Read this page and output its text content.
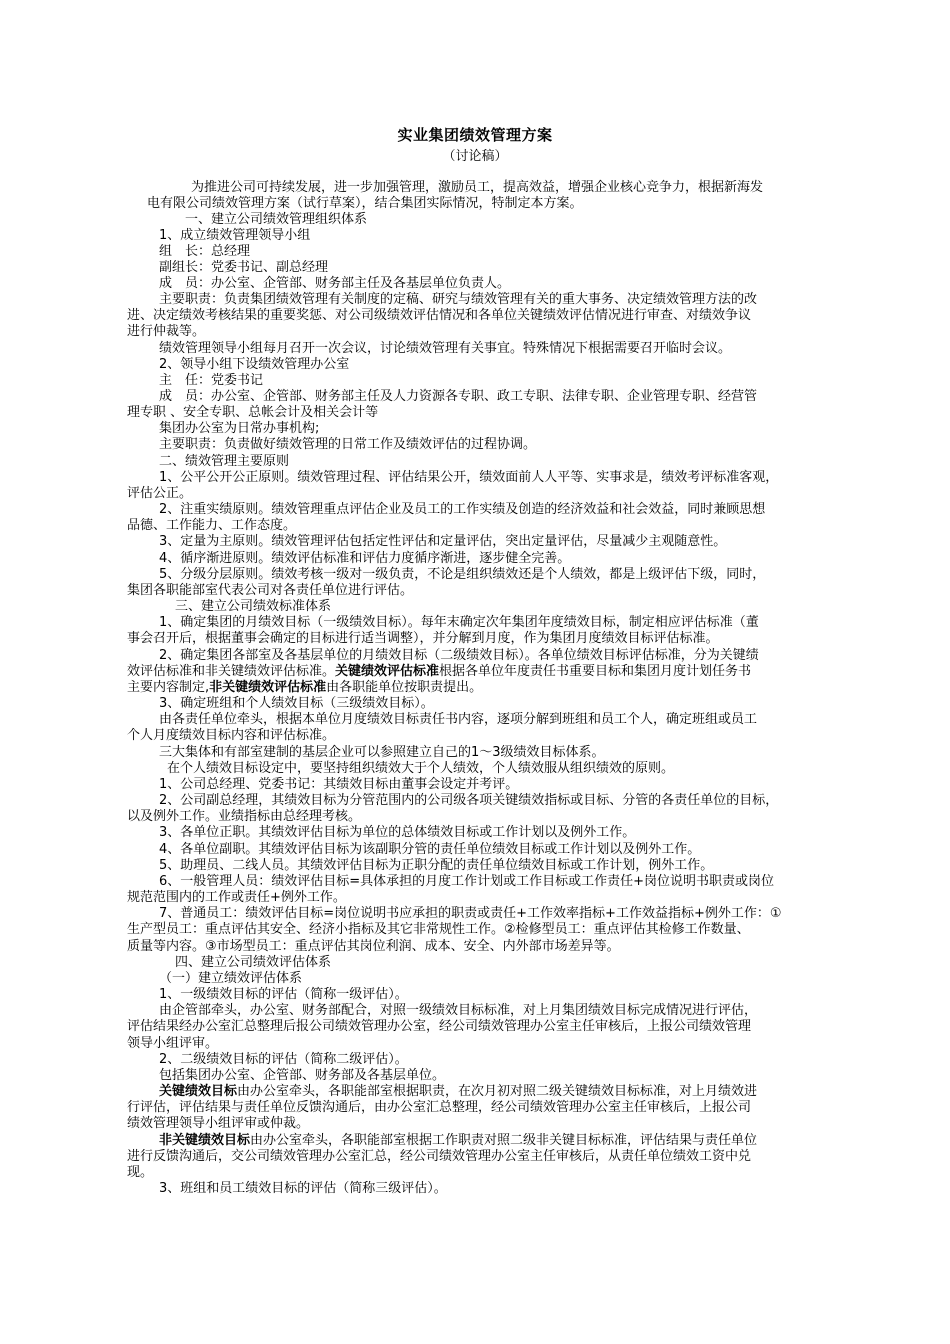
实业集团绩效管理方案
（讨论稿）
为推进公司可持续发展，进一步加强管理，激励员工，提高效益，增强企业核心竞争力，根据新海发
电有限公司绩效管理方案（试行草案），结合集团实际情况，特制定本方案。
一、建立公司绩效管理组织体系
1、成立绩效管理领导小组
组　长：总经理
副组长：党委书记、副总经理
成　员：办公室、企管部、财务部主任及各基层单位负责人。
主要职责：负责集团绩效管理有关制度的定稿、研究与绩效管理有关的重大事务、决定绩效管理方法的改
进、决定绩效考核结果的重要奖惩、对公司级绩效评估情况和各单位关键绩效评估情况进行审查、对绩效争议
进行仲裁等。
绩效管理领导小组每月召开一次会议，讨论绩效管理有关事宜。特殊情况下根据需要召开临时会议。
2、领导小组下设绩效管理办公室
主　任：党委书记
成　员：办公室、企管部、财务部主任及人力资源各专职、政工专职、法律专职、企业管理专职、经营管
理专职 、安全专职、总帐会计及相关会计等
集团办公室为日常办事机构;
主要职责：负责做好绩效管理的日常工作及绩效评估的过程协调。
二、绩效管理主要原则
1、公平公开公正原则。绩效管理过程、评估结果公开，绩效面前人人平等、实事求是，绩效考评标准客观，
评估公正。
2、注重实绩原则。绩效管理重点评估企业及员工的工作实绩及创造的经济效益和社会效益，同时兼顾思想
品德、工作能力、工作态度。
3、定量为主原则。绩效管理评估包括定性评估和定量评估，突出定量评估，尽量减少主观随意性。
4、循序渐进原则。绩效评估标准和评估力度循序渐进，逐步健全完善。
5、分级分层原则。绩效考核一级对一级负责，不论是组织绩效还是个人绩效，都是上级评估下级，同时，
集团各职能部室代表公司对各责任单位进行评估。
三、建立公司绩效标准体系
1、确定集团的月绩效目标（一级绩效目标）。每年末确定次年集团年度绩效目标，制定相应评估标准（董
事会召开后，根据董事会确定的目标进行适当调整），并分解到月度，作为集团月度绩效目标评估标准。
2、确定集团各部室及各基层单位的月绩效目标（二级绩效目标）。各单位绩效目标评估标准，分为关键绩
效评估标准和非关键绩效评估标准。关键绩效评估标准根据各单位年度责任书重要目标和集团月度计划任务书
主要内容制定,非关键绩效评估标准由各职能单位按职责提出。
3、确定班组和个人绩效目标（三级绩效目标）。
由各责任单位牵头，根据本单位月度绩效目标责任书内容，逐项分解到班组和员工个人，确定班组或员工
个人月度绩效目标内容和评估标准。
三大集体和有部室建制的基层企业可以参照建立自己的1～3级绩效目标体系。
在个人绩效目标设定中，要坚持组织绩效大于个人绩效，个人绩效服从组织绩效的原则。
1、公司总经理、党委书记：其绩效目标由董事会设定并考评。
2、公司副总经理，其绩效目标为分管范围内的公司级各项关键绩效指标或目标、分管的各责任单位的目标，
以及例外工作。业绩指标由总经理考核。
3、各单位正职。其绩效评估目标为单位的总体绩效目标或工作计划以及例外工作。
4、各单位副职。其绩效评估目标为该副职分管的责任单位绩效目标或工作计划以及例外工作。
5、助理员、二线人员。其绩效评估目标为正职分配的责任单位绩效目标或工作计划，例外工作。
6、一般管理人员：绩效评估目标=具体承担的月度工作计划或工作目标或工作责任+岗位说明书职责或岗位
规范范围内的工作或责任+例外工作。
7、普通员工：绩效评估目标=岗位说明书应承担的职责或责任+工作效率指标+工作效益指标+例外工作：①
生产型员工：重点评估其安全、经济小指标及其它非常规性工作。②检修型员工：重点评估其检修工作数量、
质量等内容。③市场型员工：重点评估其岗位利润、成本、安全、内外部市场差异等。
四、建立公司绩效评估体系
（一）建立绩效评估体系
1、一级绩效目标的评估（简称一级评估）。
由企管部牵头，办公室、财务部配合，对照一级绩效目标标准，对上月集团绩效目标完成情况进行评估，
评估结果经办公室汇总整理后报公司绩效管理办公室，经公司绩效管理办公室主任审核后，上报公司绩效管理
领导小组评审。
2、二级绩效目标的评估（简称二级评估）。
包括集团办公室、企管部、财务部及各基层单位。
关键绩效目标由办公室牵头，各职能部室根据职责，在次月初对照二级关键绩效目标标准，对上月绩效进
行评估，评估结果与责任单位反馈沟通后，由办公室汇总整理，经公司绩效管理办公室主任审核后，上报公司
绩效管理领导小组评审或仲裁。
非关键绩效目标由办公室牵头，各职能部室根据工作职责对照二级非关键目标标准，评估结果与责任单位
进行反馈沟通后，交公司绩效管理办公室汇总，经公司绩效管理办公室主任审核后，从责任单位绩效工资中兑
现。
3、班组和员工绩效目标的评估（简称三级评估）。
